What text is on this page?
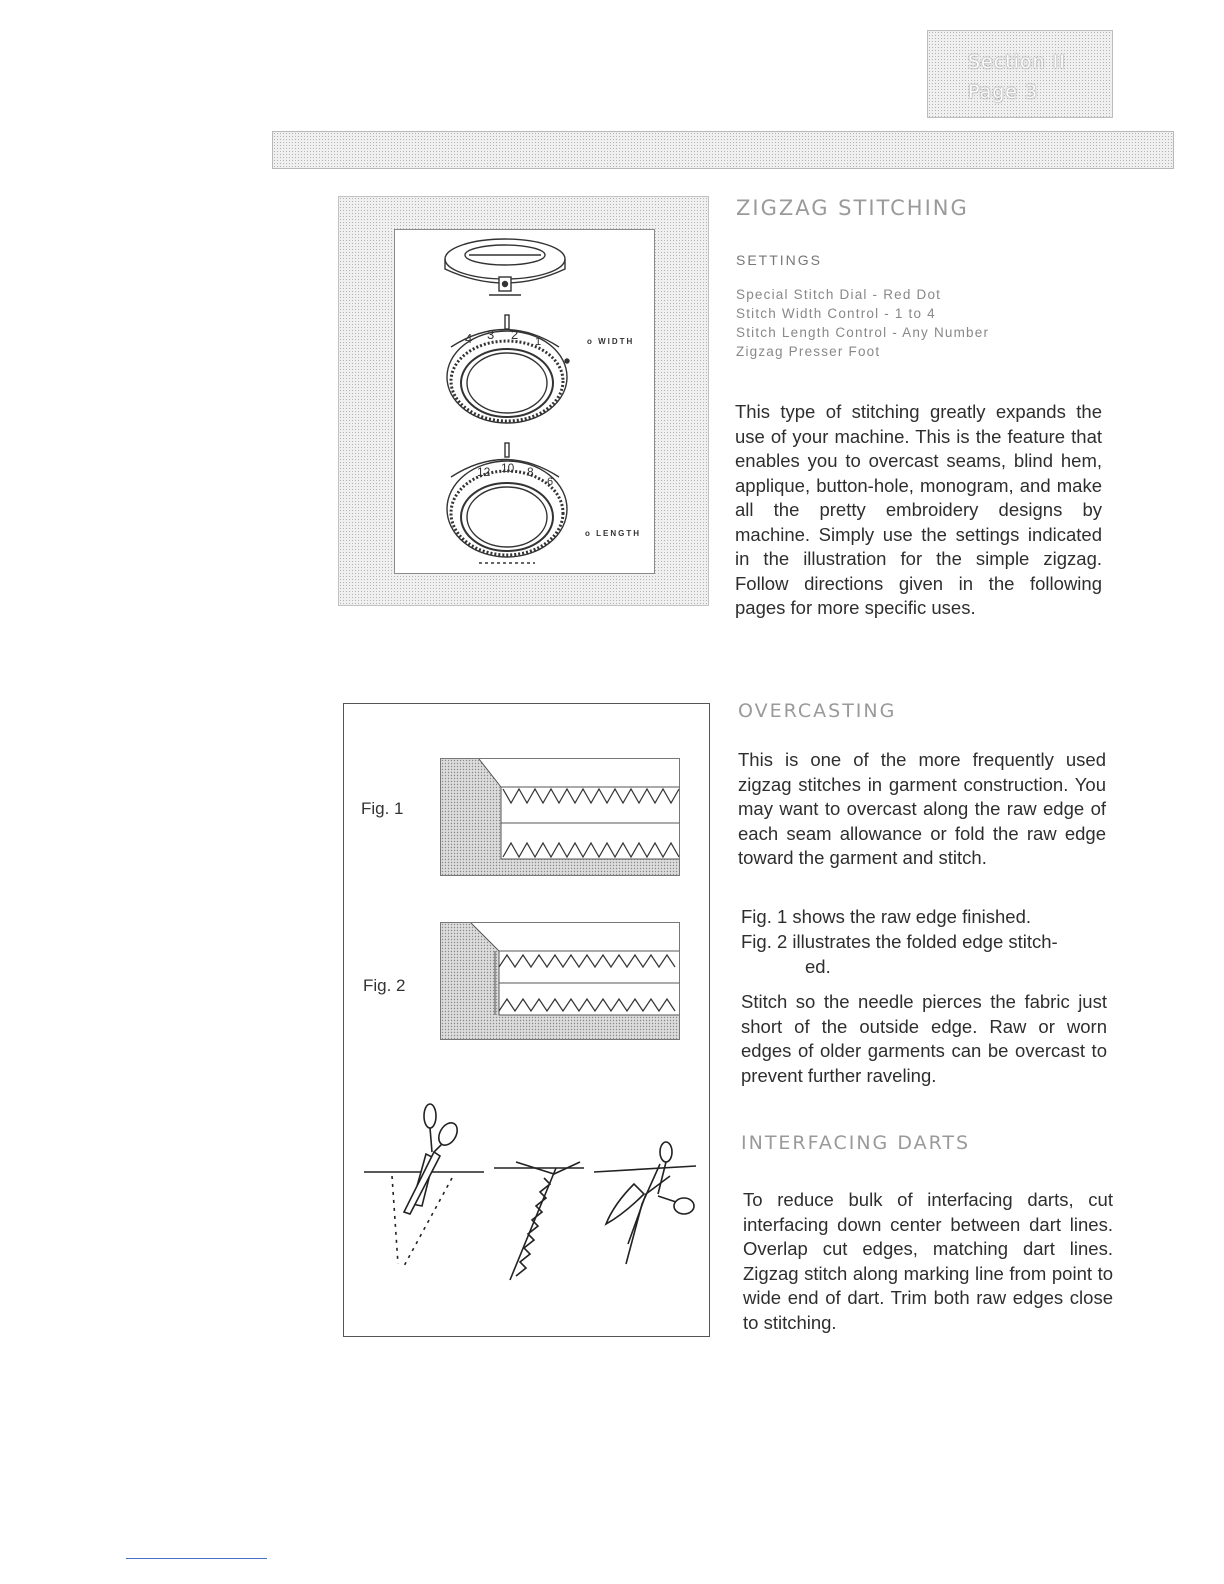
Section II
Page 3
4 3 2 1
12 10 8
6
o WIDTH
o LENGTH
ZIGZAG STITCHING
SETTINGS
Special Stitch Dial - Red Dot
Stitch Width Control - 1 to 4
Stitch Length Control - Any Number
Zigzag Presser Foot

This type of stitching greatly expands the use of your machine. This is the feature that enables you to overcast seams, blind hem, applique, button-hole, monogram, and make all the pretty embroidery designs by machine. Simply use the settings indicated in the illustration for the simple zigzag. Follow directions given in the following pages for more specific uses.

Fig. 1
Fig. 2
OVERCASTING

This is one of the more frequently used zigzag stitches in garment construction. You may want to overcast along the raw edge of each seam allowance or fold the raw edge toward the garment and stitch.

Fig. 1 shows the raw edge finished.

Fig. 2 illustrates the folded edge stitch-

ed.

Stitch so the needle pierces the fabric just short of the outside edge. Raw or worn edges of older garments can be overcast to prevent further raveling.

INTERFACING DARTS

To reduce bulk of interfacing darts, cut interfacing down center between dart lines. Overlap cut edges, matching dart lines. Zigzag stitch along marking line from point to wide end of dart. Trim both raw edges close to stitching.
